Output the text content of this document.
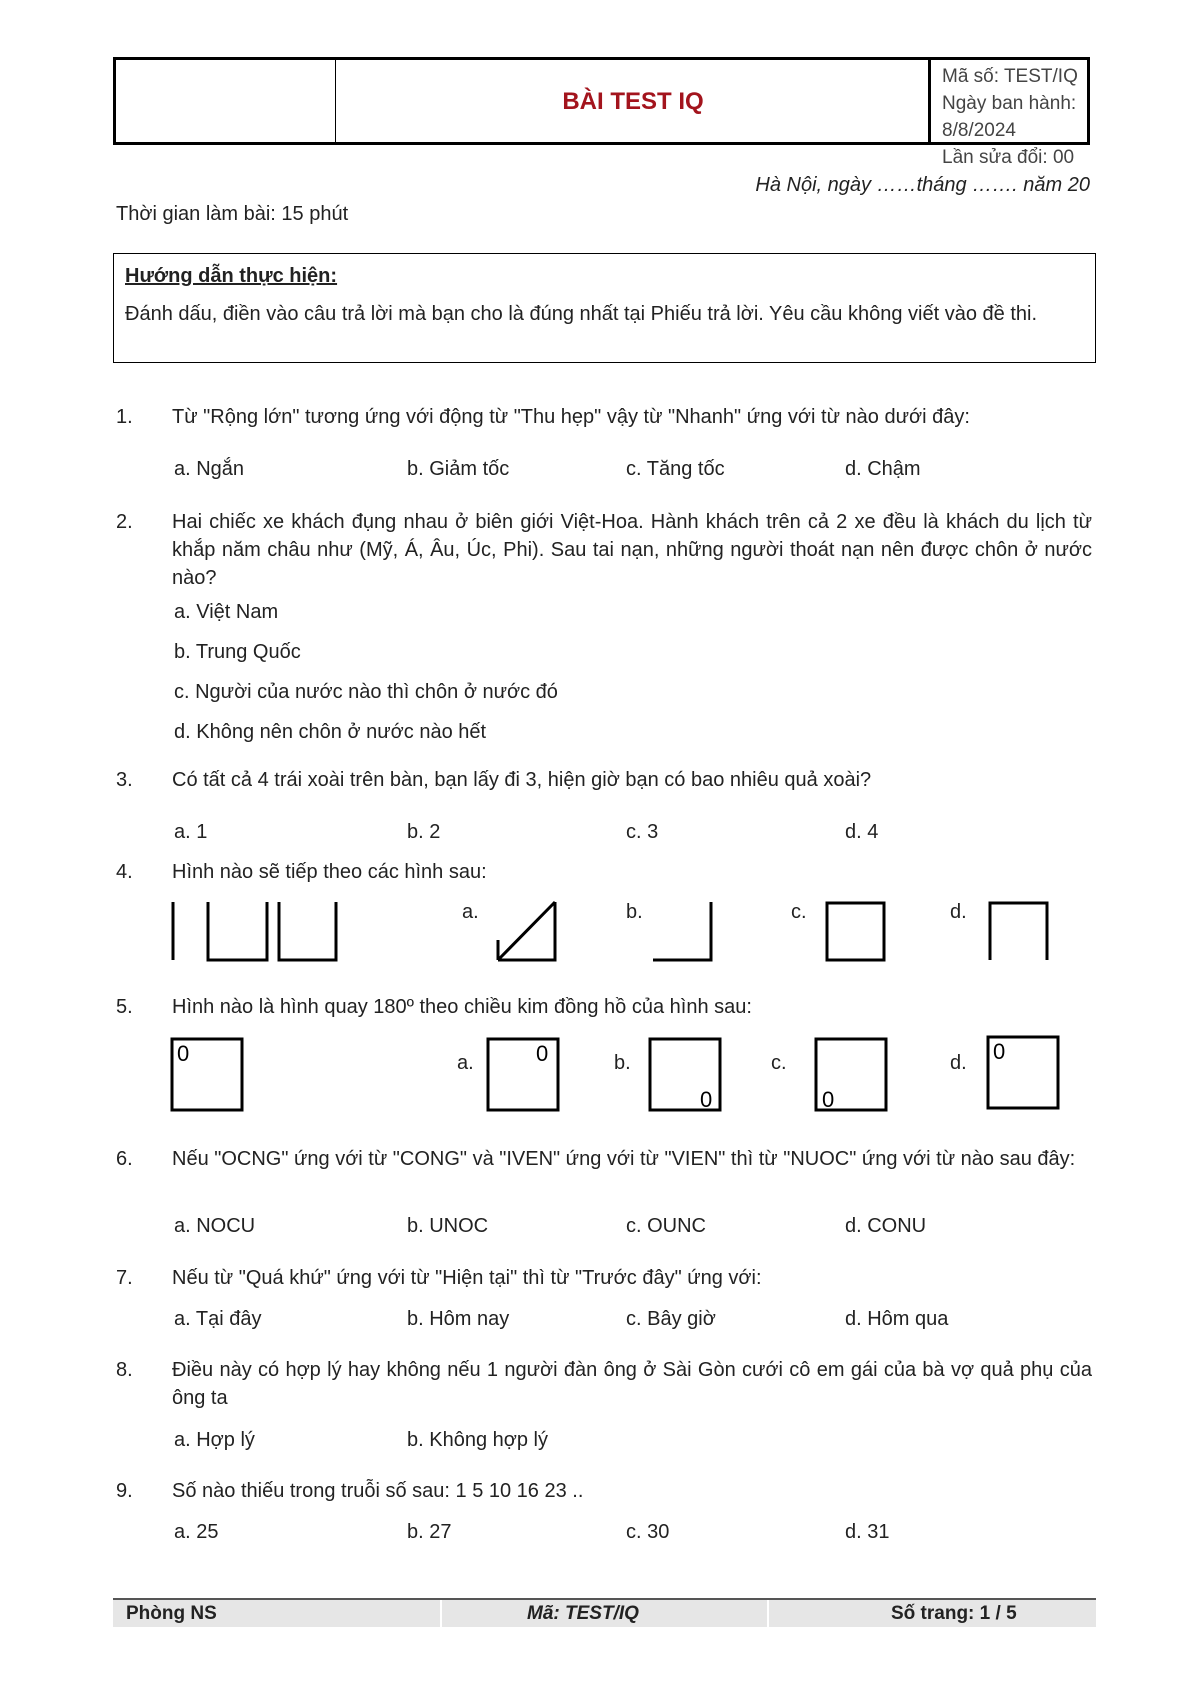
BÀI TEST IQ
Mã số: TEST/IQ
Ngày ban hành: 8/8/2024
Lần sửa đổi: 00
Hà Nội, ngày ……tháng ……. năm 20
Thời gian làm bài: 15 phút
Hướng dẫn thực hiện:
Đánh dấu, điền vào câu trả lời mà bạn cho là đúng nhất tại Phiếu trả lời. Yêu cầu không viết vào đề thi.
1. Từ "Rộng lớn" tương ứng với động từ "Thu hẹp" vậy từ "Nhanh" ứng với từ nào dưới đây:
a. Ngắn	b. Giảm tốc	c. Tăng tốc	d. Chậm
2. Hai chiếc xe khách đụng nhau ở biên giới Việt-Hoa. Hành khách trên cả 2 xe đều là khách du lịch từ khắp năm châu như (Mỹ, Á, Âu, Úc, Phi). Sau tai nạn, những người thoát nạn nên được chôn ở nước nào?
a. Việt Nam
b. Trung Quốc
c. Người của nước nào thì chôn ở nước đó
d. Không nên chôn ở nước nào hết
3. Có tất cả 4 trái xoài trên bàn, bạn lấy đi 3, hiện giờ bạn có bao nhiêu quả xoài?
a. 1	b. 2	c. 3	d. 4
4. Hình nào sẽ tiếp theo các hình sau:
a.	b.	c.	d.
5. Hình nào là hình quay 180º theo chiều kim đồng hồ của hình sau:
0	a.	0	b.
0
c.
0
d. 0
6. Nếu "OCNG" ứng với từ "CONG" và "IVEN" ứng với từ "VIEN" thì từ "NUOC" ứng với từ nào sau đây:
a. NOCU	b. UNOC	c. OUNC	d. CONU
7. Nếu từ "Quá khứ" ứng với từ "Hiện tại" thì từ "Trước đây" ứng với:
a. Tại đây	b. Hôm nay	c. Bây giờ	d. Hôm qua
8. Điều này có hợp lý hay không nếu 1 người đàn ông ở Sài Gòn cưới cô em gái của bà vợ quả phụ của ông ta
a. Hợp lý	b. Không hợp lý
9. Số nào thiếu trong truỗi số sau: 1 5 10 16 23 ..
a. 25	b. 27	c. 30	d. 31
Phòng NS	Mã: TEST/IQ	Số trang: 1 / 5
